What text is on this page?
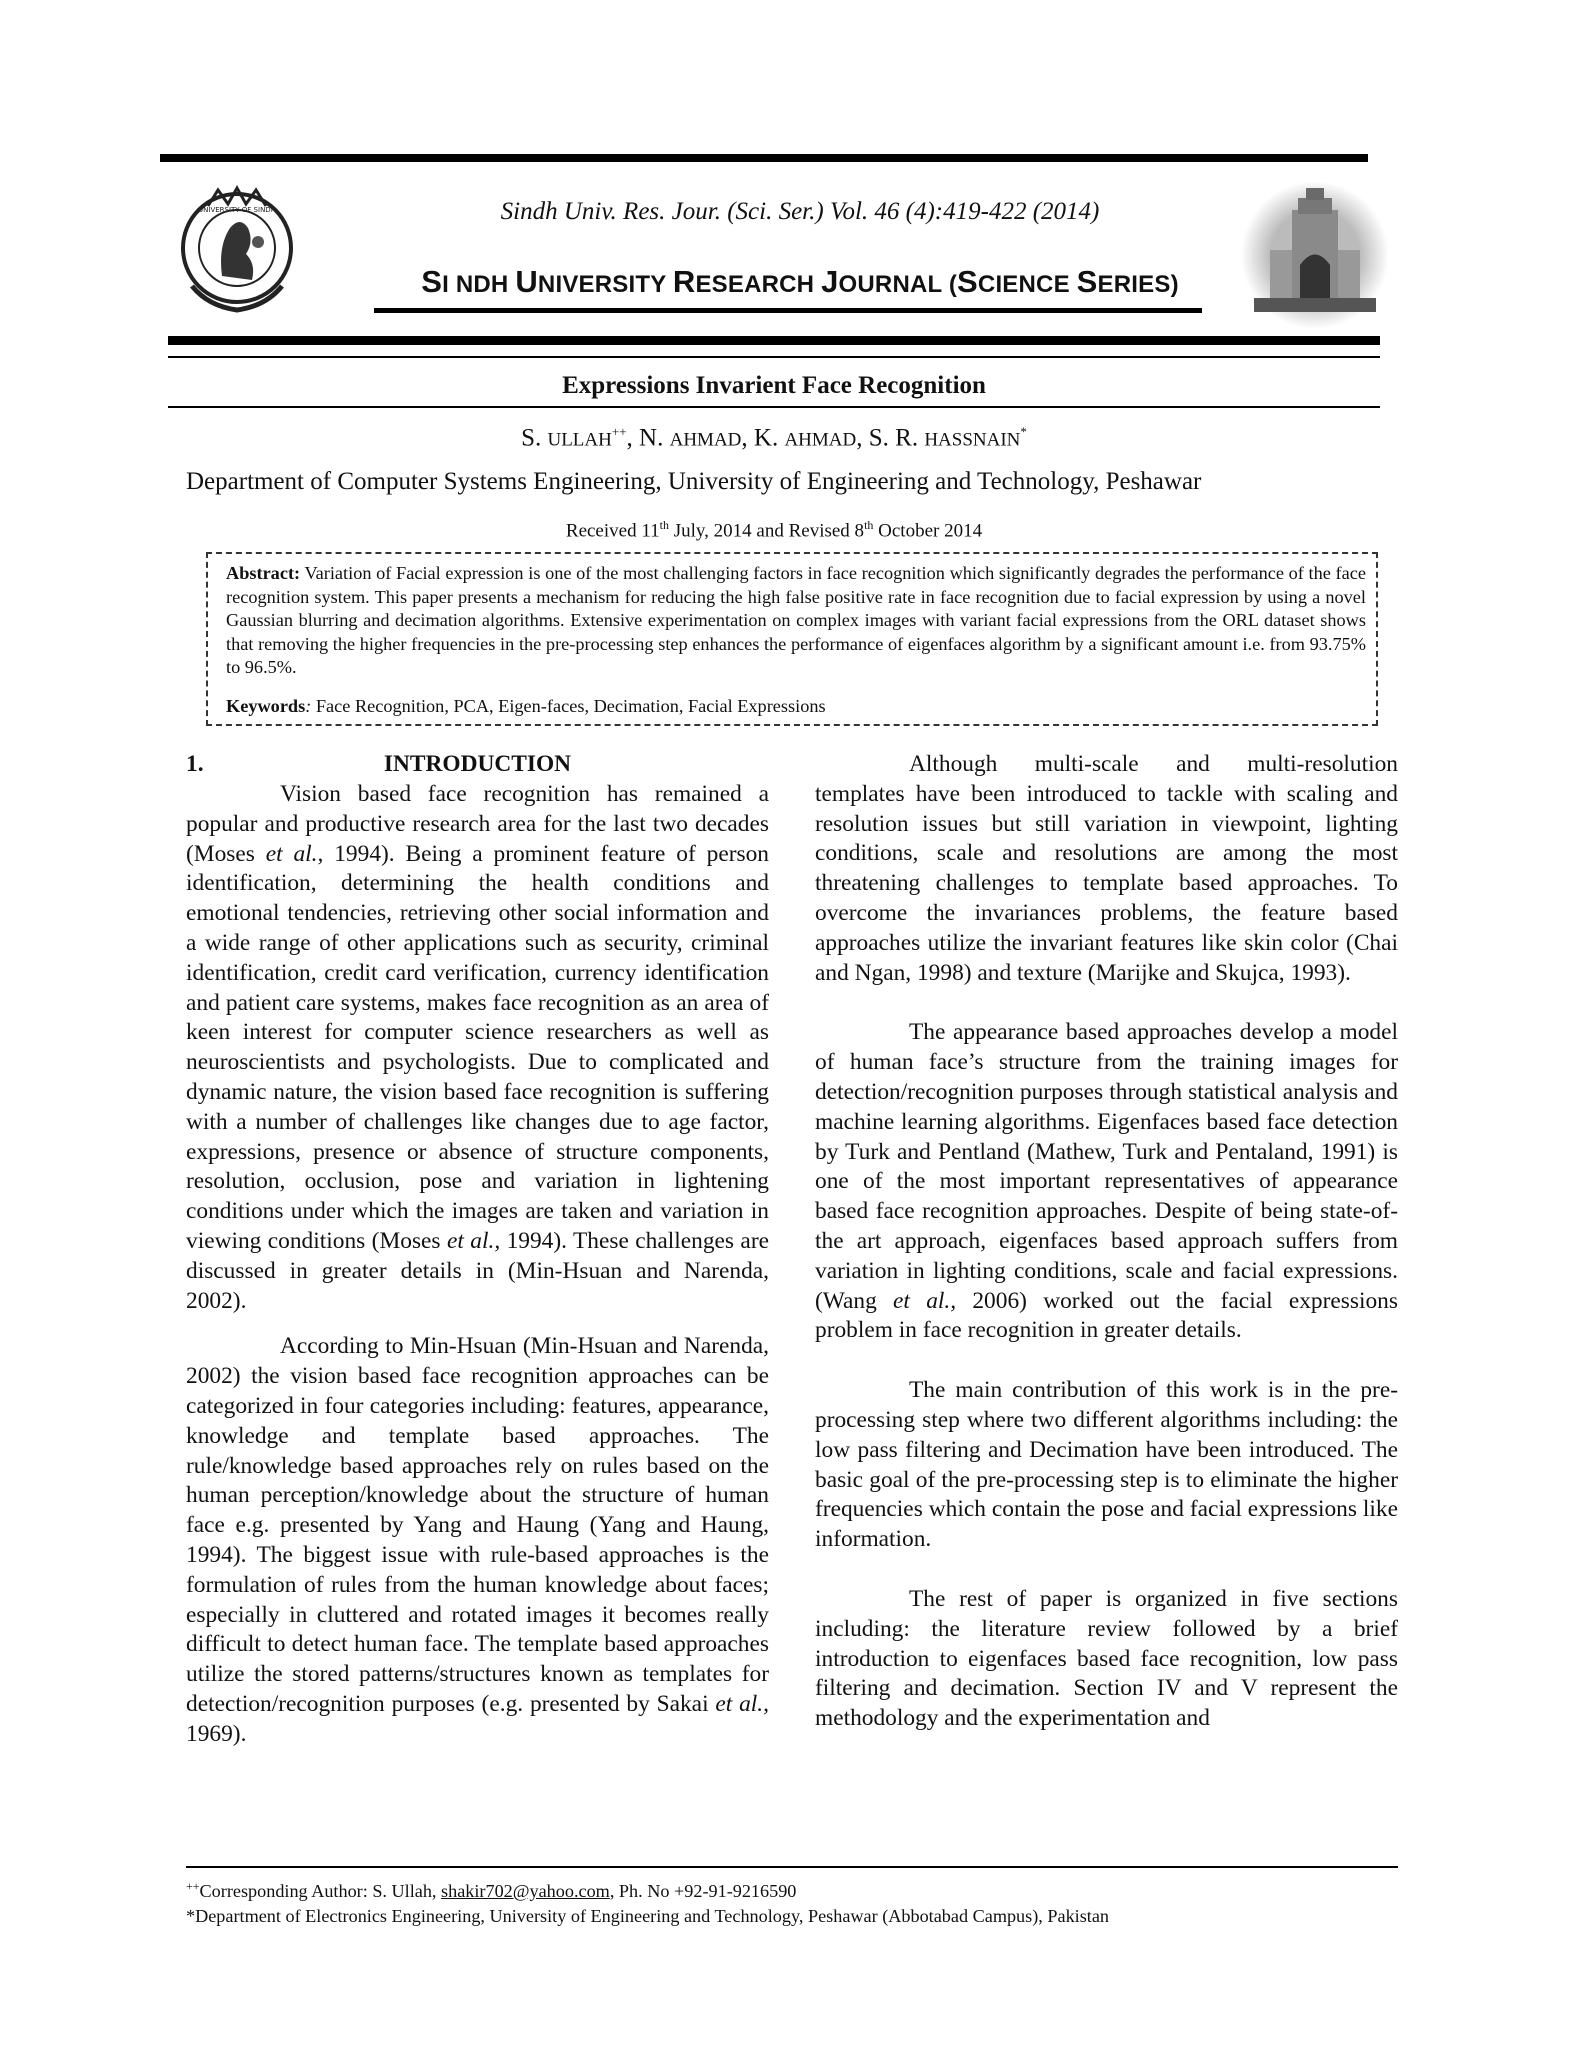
UNIVERSITY OF SINDH	Sindh Univ. Res. Jour. (Sci. Ser.) Vol. 46 (4):419-422 (2014)
SI NDH UNIVERSITY RESEARCH JOURNAL (SCIENCE SERIES)
Expressions Invarient Face Recognition
S. ULLAH++, N. AHMAD, K. AHMAD, S. R. HASSNAIN*
Department of Computer Systems Engineering, University of Engineering and Technology, Peshawar
Received 11th July, 2014 and Revised 8th October 2014
Abstract: Variation of Facial expression is one of the most challenging factors in face recognition which significantly degrades the performance of the face recognition system. This paper presents a mechanism for reducing the high false positive rate in face recognition due to facial expression by using a novel Gaussian blurring and decimation algorithms. Extensive experimentation on complex images with variant facial expressions from the ORL dataset shows that removing the higher frequencies in the pre-processing step enhances the performance of eigenfaces algorithm by a significant amount i.e. from 93.75% to 96.5%.
Keywords: Face Recognition, PCA, Eigen-faces, Decimation, Facial Expressions
1.	INTRODUCTION

Vision based face recognition has remained a popular and productive research area for the last two decades (Moses et al., 1994). Being a prominent feature of person identification, determining the health conditions and emotional tendencies, retrieving other social information and a wide range of other applications such as security, criminal identification, credit card verification, currency identification and patient care systems, makes face recognition as an area of keen interest for computer science researchers as well as neuroscientists and psychologists. Due to complicated and dynamic nature, the vision based face recognition is suffering with a number of challenges like changes due to age factor, expressions, presence or absence of structure components, resolution, occlusion, pose and variation in lightening conditions under which the images are taken and variation in viewing conditions (Moses et al., 1994). These challenges are discussed in greater details in (Min-Hsuan and Narenda, 2002).

According to Min-Hsuan (Min-Hsuan and Narenda, 2002) the vision based face recognition approaches can be categorized in four categories including: features, appearance, knowledge and template based approaches. The rule/knowledge based approaches rely on rules based on the human perception/knowledge about the structure of human face e.g. presented by Yang and Haung (Yang and Haung, 1994). The biggest issue with rule-based approaches is the formulation of rules from the human knowledge about faces; especially in cluttered and rotated images it becomes really difficult to detect human face. The template based approaches utilize the stored patterns/structures known as templates for detection/recognition purposes (e.g. presented by Sakai et al., 1969).

Although multi-scale and multi-resolution templates have been introduced to tackle with scaling and resolution issues but still variation in viewpoint, lighting conditions, scale and resolutions are among the most threatening challenges to template based approaches. To overcome the invariances problems, the feature based approaches utilize the invariant features like skin color (Chai and Ngan, 1998) and texture (Marijke and Skujca, 1993).

The appearance based approaches develop a model of human face’s structure from the training images for detection/recognition purposes through statistical analysis and machine learning algorithms. Eigenfaces based face detection by Turk and Pentland (Mathew, Turk and Pentaland, 1991) is one of the most important representatives of appearance based face recognition approaches. Despite of being state-of-the art approach, eigenfaces based approach suffers from variation in lighting conditions, scale and facial expressions. (Wang et al., 2006) worked out the facial expressions problem in face recognition in greater details.

The main contribution of this work is in the pre-processing step where two different algorithms including: the low pass filtering and Decimation have been introduced. The basic goal of the pre-processing step is to eliminate the higher frequencies which contain the pose and facial expressions like information.

The rest of paper is organized in five sections including: the literature review followed by a brief introduction to eigenfaces based face recognition, low pass filtering and decimation. Section IV and V represent the methodology and the experimentation and

++Corresponding Author: S. Ullah, shakir702@yahoo.com, Ph. No +92-91-9216590
*Department of Electronics Engineering, University of Engineering and Technology, Peshawar (Abbotabad Campus), Pakistan
